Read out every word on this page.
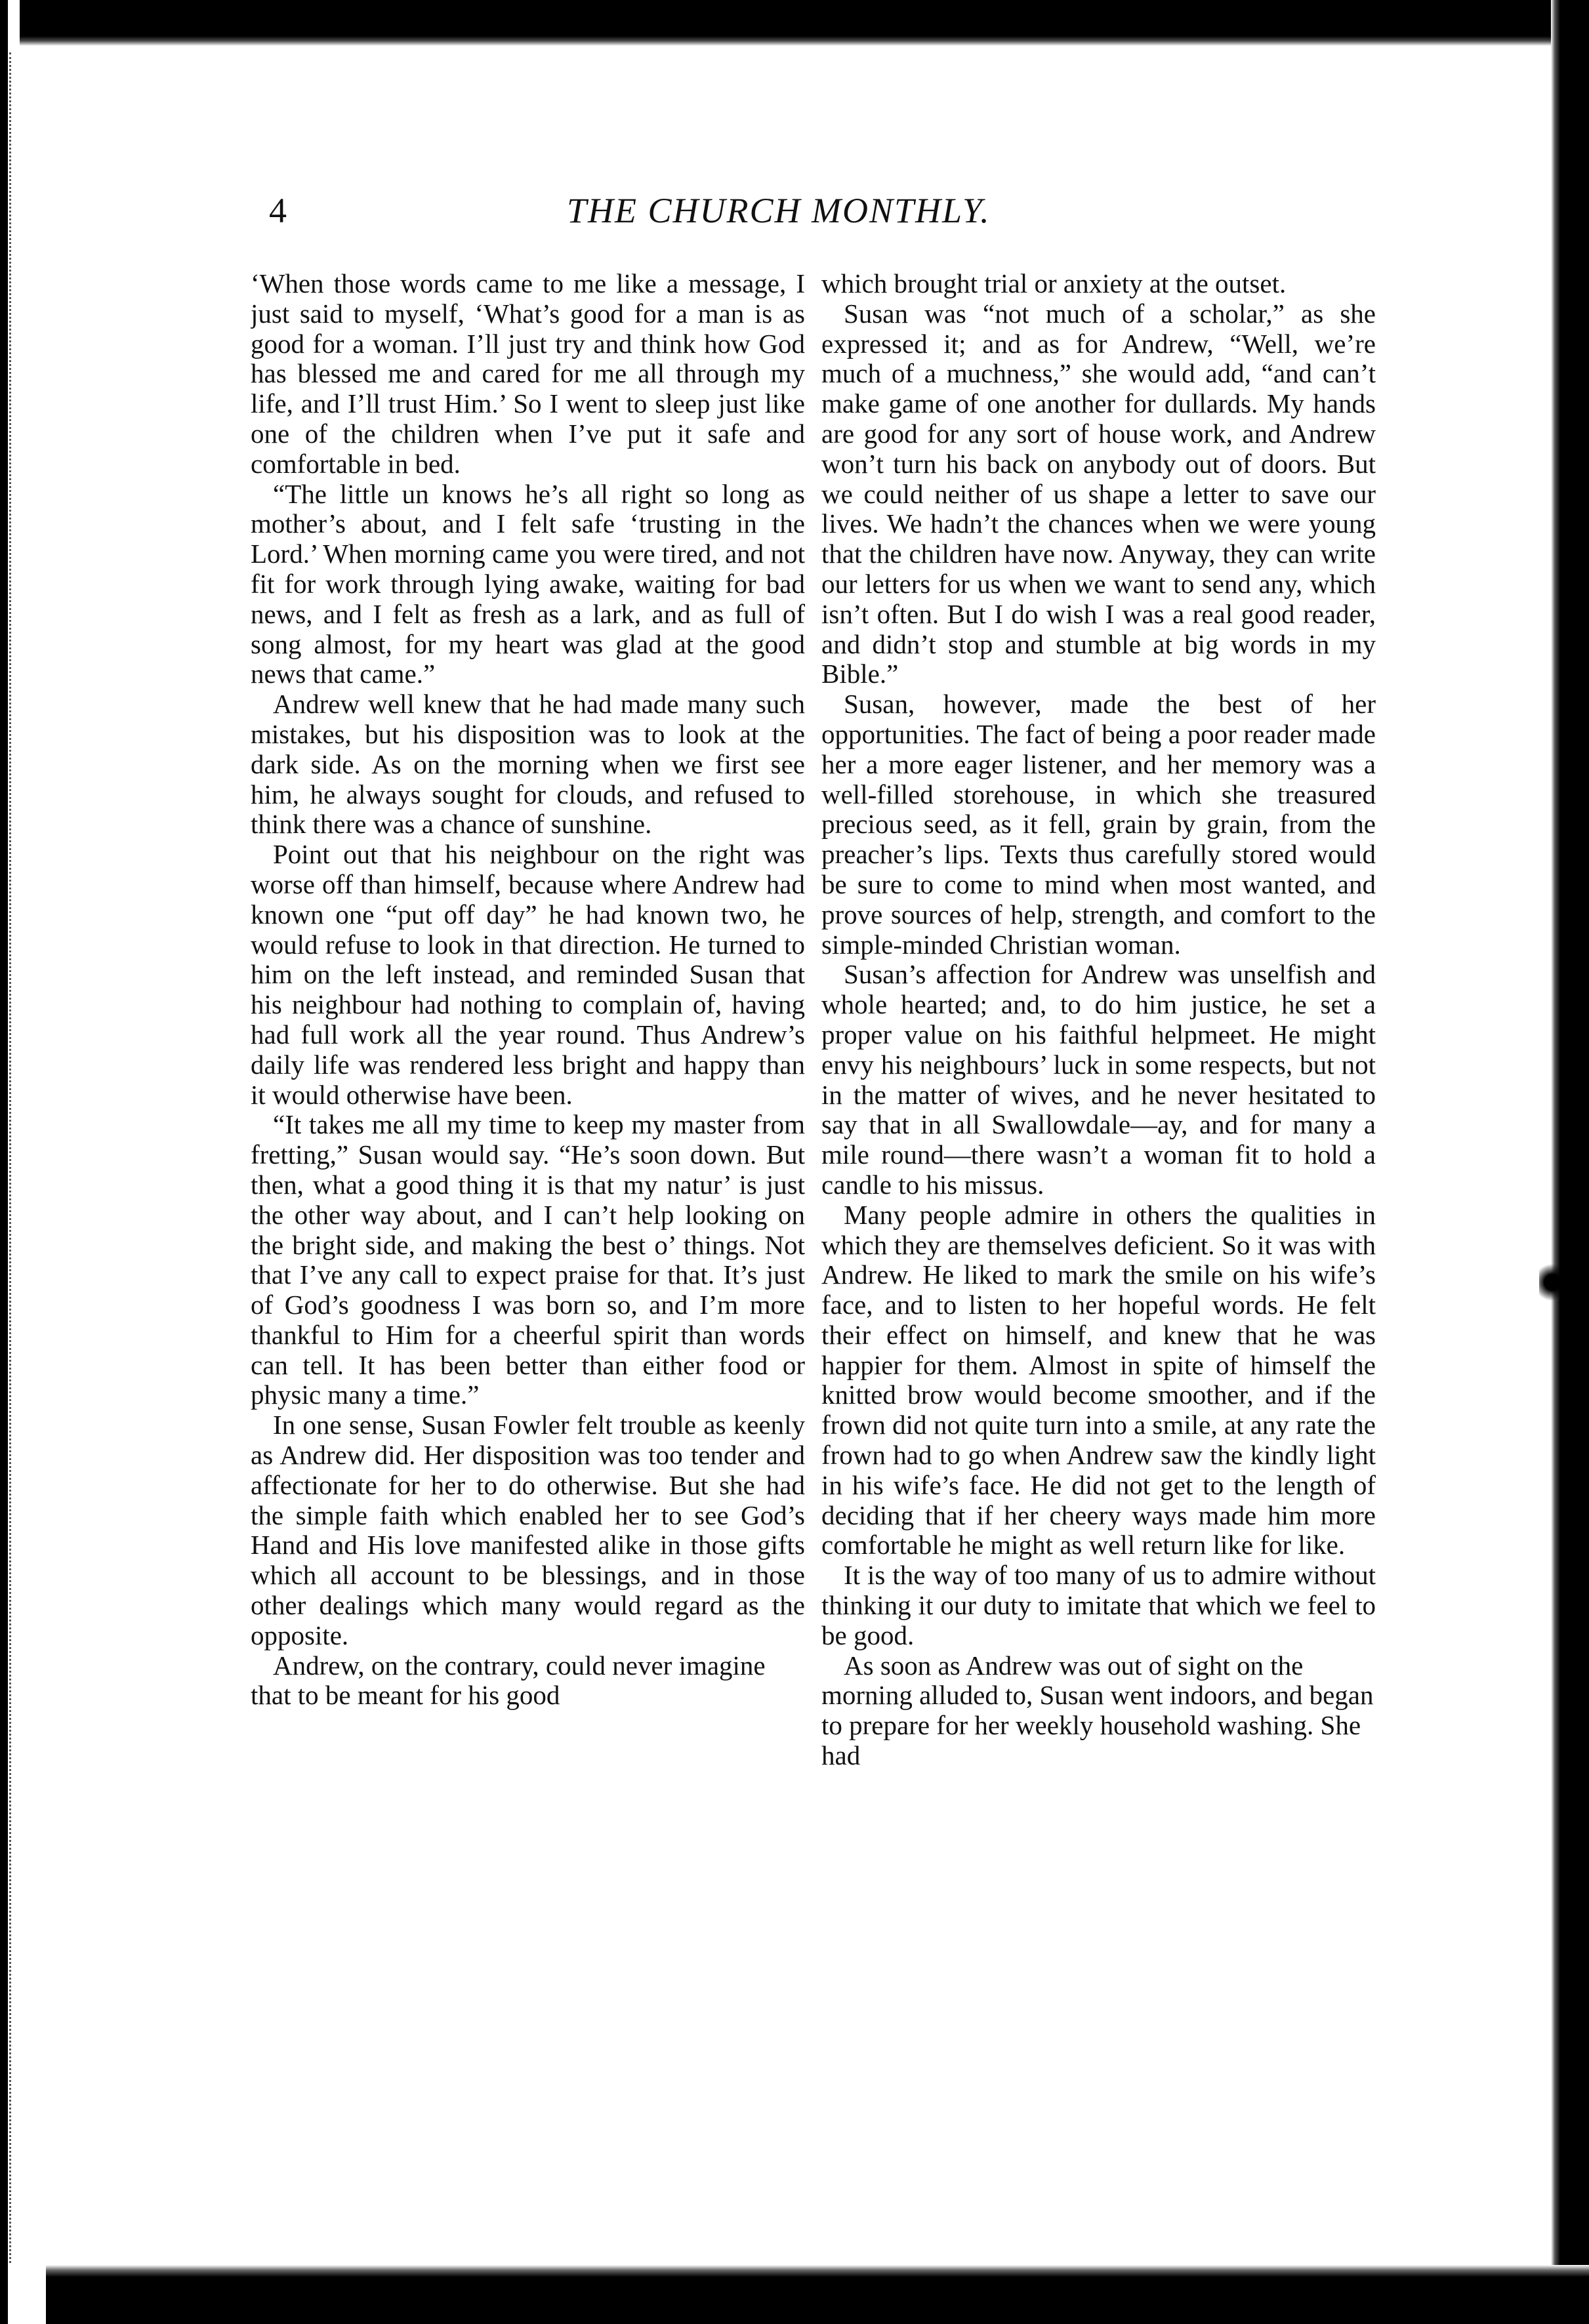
4	THE CHURCH MONTHLY.

‘When those words came to me like a message, I just said to myself, ‘What’s good for a man is as good for a woman. I’ll just try and think how God has blessed me and cared for me all through my life, and I’ll trust Him.’ So I went to sleep just like one of the children when I’ve put it safe and comfortable in bed.

“The little un knows he’s all right so long as mother’s about, and I felt safe ‘trusting in the Lord.’ When morning came you were tired, and not fit for work through lying awake, waiting for bad news, and I felt as fresh as a lark, and as full of song almost, for my heart was glad at the good news that came.”

Andrew well knew that he had made many such mistakes, but his disposition was to look at the dark side. As on the morning when we first see him, he always sought for clouds, and refused to think there was a chance of sunshine.

Point out that his neighbour on the right was worse off than himself, because where Andrew had known one “put off day” he had known two, he would refuse to look in that direction. He turned to him on the left instead, and reminded Susan that his neighbour had nothing to complain of, having had full work all the year round. Thus Andrew’s daily life was rendered less bright and happy than it would otherwise have been.

“It takes me all my time to keep my master from fretting,” Susan would say. “He’s soon down. But then, what a good thing it is that my natur’ is just the other way about, and I can’t help looking on the bright side, and making the best o’ things. Not that I’ve any call to expect praise for that. It’s just of God’s goodness I was born so, and I’m more thankful to Him for a cheerful spirit than words can tell. It has been better than either food or physic many a time.”

In one sense, Susan Fowler felt trouble as keenly as Andrew did. Her disposition was too tender and affectionate for her to do otherwise. But she had the simple faith which enabled her to see God’s Hand and His love manifested alike in those gifts which all account to be blessings, and in those other dealings which many would regard as the opposite.

Andrew, on the contrary, could never imagine that to be meant for his good

which brought trial or anxiety at the outset.

Susan was “not much of a scholar,” as she expressed it; and as for Andrew, “Well, we’re much of a muchness,” she would add, “and can’t make game of one another for dullards. My hands are good for any sort of house work, and Andrew won’t turn his back on anybody out of doors. But we could neither of us shape a letter to save our lives. We hadn’t the chances when we were young that the children have now. Anyway, they can write our letters for us when we want to send any, which isn’t often. But I do wish I was a real good reader, and didn’t stop and stumble at big words in my Bible.”

Susan, however, made the best of her opportunities. The fact of being a poor reader made her a more eager listener, and her memory was a well-filled storehouse, in which she treasured precious seed, as it fell, grain by grain, from the preacher’s lips. Texts thus carefully stored would be sure to come to mind when most wanted, and prove sources of help, strength, and comfort to the simple-minded Christian woman.

Susan’s affection for Andrew was unselfish and whole hearted; and, to do him justice, he set a proper value on his faithful helpmeet. He might envy his neighbours’ luck in some respects, but not in the matter of wives, and he never hesitated to say that in all Swallowdale—ay, and for many a mile round—there wasn’t a woman fit to hold a candle to his missus.

Many people admire in others the qualities in which they are themselves deficient. So it was with Andrew. He liked to mark the smile on his wife’s face, and to listen to her hopeful words. He felt their effect on himself, and knew that he was happier for them. Almost in spite of himself the knitted brow would become smoother, and if the frown did not quite turn into a smile, at any rate the frown had to go when Andrew saw the kindly light in his wife’s face. He did not get to the length of deciding that if her cheery ways made him more comfortable he might as well return like for like.

It is the way of too many of us to admire without thinking it our duty to imitate that which we feel to be good.

As soon as Andrew was out of sight on the morning alluded to, Susan went indoors, and began to prepare for her weekly household washing. She had
